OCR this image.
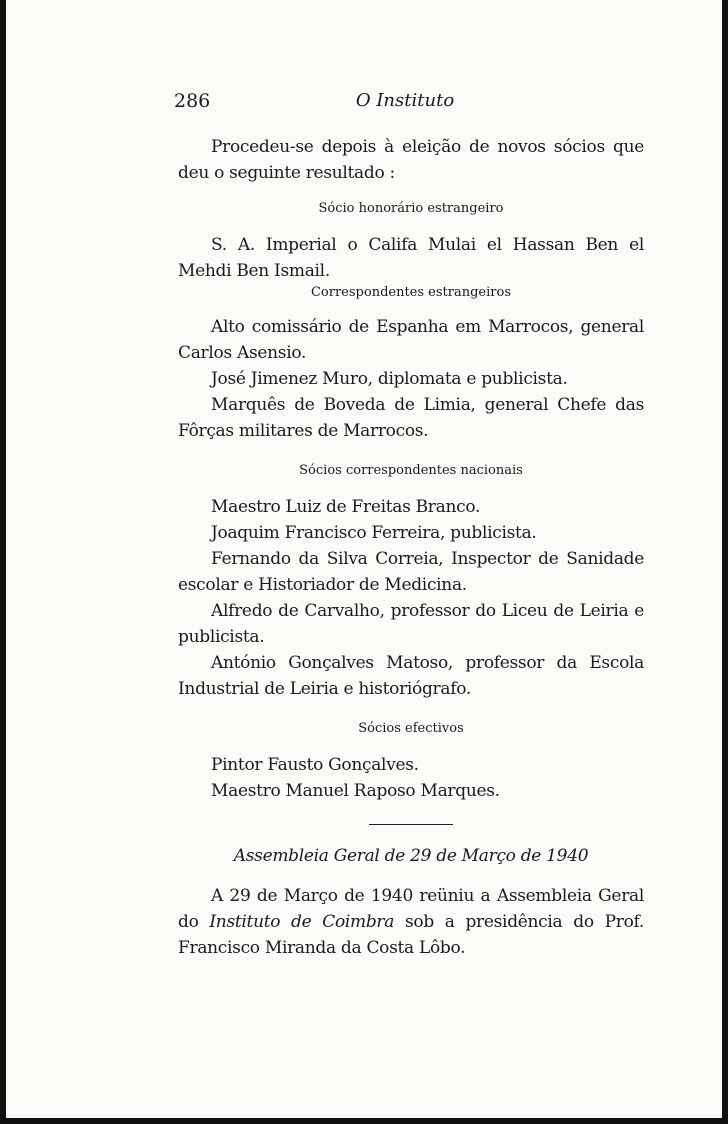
286	O Instituto

Procedeu-se depois à eleição de novos sócios que deu o seguinte resultado :

Sócio honorário estrangeiro

S. A. Imperial o Califa Mulai el Hassan Ben el Mehdi Ben Ismail.

Correspondentes estrangeiros

Alto comissário de Espanha em Marrocos, general Carlos Asensio.

José Jimenez Muro, diplomata e publicista.

Marquês de Boveda de Limia, general Chefe das Fôrças militares de Marrocos.

Sócios correspondentes nacionais

Maestro Luiz de Freitas Branco.

Joaquim Francisco Ferreira, publicista.

Fernando da Silva Correia, Inspector de Sanidade escolar e Historiador de Medicina.

Alfredo de Carvalho, professor do Liceu de Leiria e publicista.

António Gonçalves Matoso, professor da Escola Industrial de Leiria e historiógrafo.

Sócios efectivos

Pintor Fausto Gonçalves.

Maestro Manuel Raposo Marques.

Assembleia Geral de 29 de Março de 1940

A 29 de Março de 1940 reüniu a Assembleia Geral do Instituto de Coimbra sob a presidência do Prof. Francisco Miranda da Costa Lôbo.
